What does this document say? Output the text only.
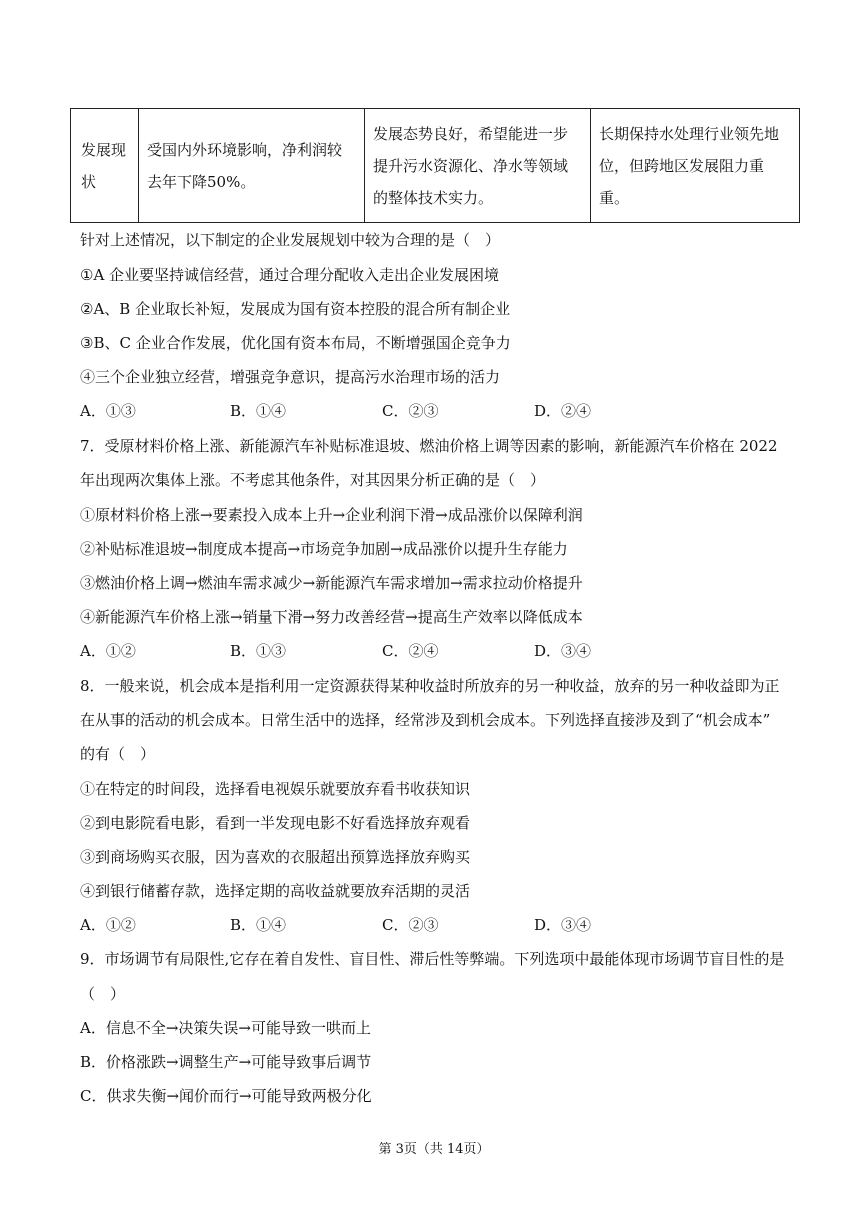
发展现状	受国内外环境影响，净利润较去年下降50%。	发展态势良好，希望能进一步提升污水资源化、净水等领域的整体技术实力。	长期保持水处理行业领先地位，但跨地区发展阻力重重。
针对上述情况，以下制定的企业发展规划中较为合理的是（　）
①A 企业要坚持诚信经营，通过合理分配收入走出企业发展困境
②A、B 企业取长补短，发展成为国有资本控股的混合所有制企业
③B、C 企业合作发展，优化国有资本布局，不断增强国企竞争力
④三个企业独立经营，增强竞争意识，提高污水治理市场的活力
A．①③	B．①④	C．②③	D．②④
7．受原材料价格上涨、新能源汽车补贴标准退坡、燃油价格上调等因素的影响，新能源汽车价格在 2022
年出现两次集体上涨。不考虑其他条件，对其因果分析正确的是（　）
①原材料价格上涨→要素投入成本上升→企业利润下滑→成品涨价以保障利润
②补贴标准退坡→制度成本提高→市场竞争加剧→成品涨价以提升生存能力
③燃油价格上调→燃油车需求减少→新能源汽车需求增加→需求拉动价格提升
④新能源汽车价格上涨→销量下滑→努力改善经营→提高生产效率以降低成本
A．①②	B．①③	C．②④	D．③④
8．一般来说，机会成本是指利用一定资源获得某种收益时所放弃的另一种收益，放弃的另一种收益即为正
在从事的活动的机会成本。日常生活中的选择，经常涉及到机会成本。下列选择直接涉及到了“机会成本”
的有（　）
①在特定的时间段，选择看电视娱乐就要放弃看书收获知识
②到电影院看电影，看到一半发现电影不好看选择放弃观看
③到商场购买衣服，因为喜欢的衣服超出预算选择放弃购买
④到银行储蓄存款，选择定期的高收益就要放弃活期的灵活
A．①②	B．①④	C．②③	D．③④
9．市场调节有局限性,它存在着自发性、盲目性、滞后性等弊端。下列选项中最能体现市场调节盲目性的是
（　）
A．信息不全→决策失误→可能导致一哄而上
B．价格涨跌→调整生产→可能导致事后调节
C．供求失衡→闻价而行→可能导致两极分化
第 3页（共 14页）
